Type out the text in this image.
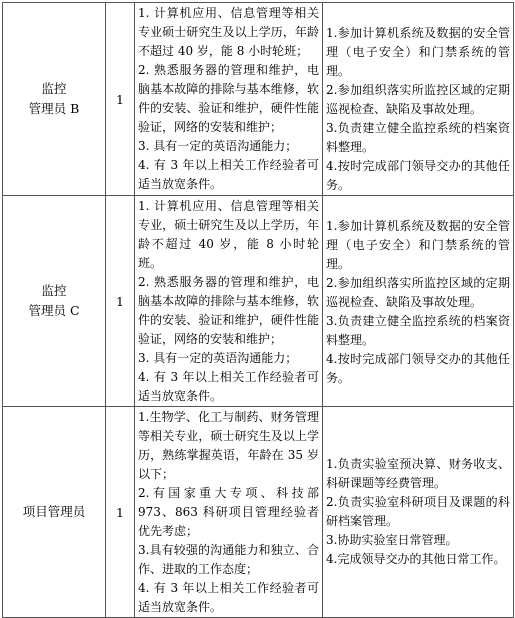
监控
管理员 B	1	1. 计算机应用、信息管理等相关专业硕士研究生及以上学历，年龄不超过 40 岁，能 8 小时轮班；
2. 熟悉服务器的管理和维护，电脑基本故障的排除与基本维修，软件的安装、验证和维护，硬件性能验证，网络的安装和维护；
3. 具有一定的英语沟通能力；
4. 有 3 年以上相关工作经验者可适当放宽条件。	1.参加计算机系统及数据的安全管理（电子安全）和门禁系统的管理。
2.参加组织落实所监控区域的定期巡视检查、缺陷及事故处理。
3.负责建立健全监控系统的档案资料整理。
4.按时完成部门领导交办的其他任务。

监控
管理员 C	1	1. 计算机应用、信息管理等相关专业，硕士研究生及以上学历，年龄不超过 40 岁，能 8 小时轮班。
2. 熟悉服务器的管理和维护，电脑基本故障的排除与基本维修，软件的安装、验证和维护，硬件性能验证，网络的安装和维护；
3. 具有一定的英语沟通能力；
4. 有 3 年以上相关工作经验者可适当放宽条件。	1.参加计算机系统及数据的安全管理（电子安全）和门禁系统的管理。
2.参加组织落实所监控区域的定期巡视检查、缺陷及事故处理。
3.负责建立健全监控系统的档案资料整理。
4.按时完成部门领导交办的其他任务。

项目管理员	1	1.生物学、化工与制药、财务管理等相关专业，硕士研究生及以上学历，熟练掌握英语，年龄在 35 岁以下；
2.有国家重大专项、科技部 973、863 科研项目管理经验者优先考虑；
3.具有较强的沟通能力和独立、合作、进取的工作态度；
4. 有 3 年以上相关工作经验者可适当放宽条件。	1.负责实验室预决算、财务收支、科研课题等经费管理。
2.负责实验室科研项目及课题的科研档案管理。
3.协助实验室日常管理。
4.完成领导交办的其他日常工作。
